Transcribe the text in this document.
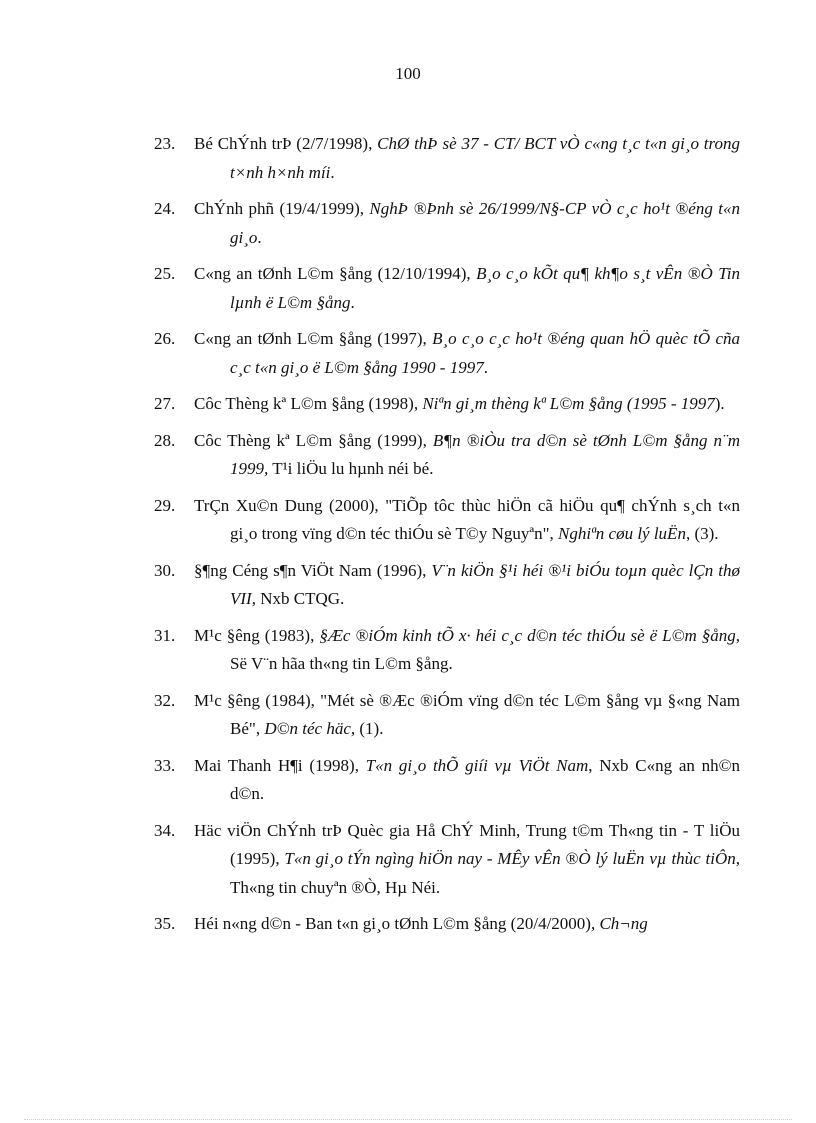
100
23.	Bé ChÝnh trÞ (2/7/1998), ChØ thÞ sè 37 - CT/ BCT vÒ c«ng t¸c t«n gi¸o trong t×nh h×nh míi.
24.	ChÝnh phñ (19/4/1999), NghÞ ®Þnh sè 26/1999/N§-CP vÒ c¸c ho¹t ®éng t«n gi¸o.
25.	C«ng an tØnh L©m §ång (12/10/1994), B¸o c¸o kÕt qu¶ kh¶o s¸t vÊn ®Ò Tin lµnh ë L©m §ång.
26.	C«ng an tØnh L©m §ång (1997), B¸o c¸o c¸c ho¹t ®éng quan hÖ quèc tÕ cña c¸c t«n gi¸o ë L©m §ång 1990 - 1997.
27.	Côc Thèng kª L©m §ång (1998), Niªn gi¸m thèng kª L©m §ång (1995 - 1997).
28.	Côc Thèng kª L©m §ång (1999), B¶n ®iÒu tra d©n sè tØnh L©m §ång n¨m 1999, T¹i liÖu lu hµnh néi bé.
29.	TrÇn Xu©n Dung (2000), "TiÕp tôc thùc hiÖn cã hiÖu qu¶ chÝnh s¸ch t«n gi¸o trong vïng d©n téc thiÓu sè T©y Nguyªn", Nghiªn cøu lý luËn, (3).
30.	§¶ng Céng s¶n ViÖt Nam (1996), V¨n kiÖn §¹i héi ®¹i biÓu toµn quèc lÇn thø VII, Nxb CTQG.
31.	M¹c §êng (1983), §Æc ®iÓm kinh tÕ x· héi c¸c d©n téc thiÓu sè ë L©m §ång, Së V¨n hãa th«ng tin L©m §ång.
32.	M¹c §êng (1984), "Mét sè ®Æc ®iÓm vïng d©n téc L©m §ång vµ §«ng Nam Bé", D©n téc häc, (1).
33.	Mai Thanh H¶i (1998), T«n gi¸o thÕ giíi vµ ViÖt Nam, Nxb C«ng an nh©n d©n.
34.	Häc viÖn ChÝnh trÞ Quèc gia Hå ChÝ Minh, Trung t©m Th«ng tin - T liÖu (1995), T«n gi¸o tÝn ngìng hiÖn nay - MÊy vÊn ®Ò lý luËn vµ thùc tiÔn, Th«ng tin chuyªn ®Ò, Hµ Néi.
35.	Héi n«ng d©n - Ban t«n gi¸o tØnh L©m §ång (20/4/2000), Ch¬ng
